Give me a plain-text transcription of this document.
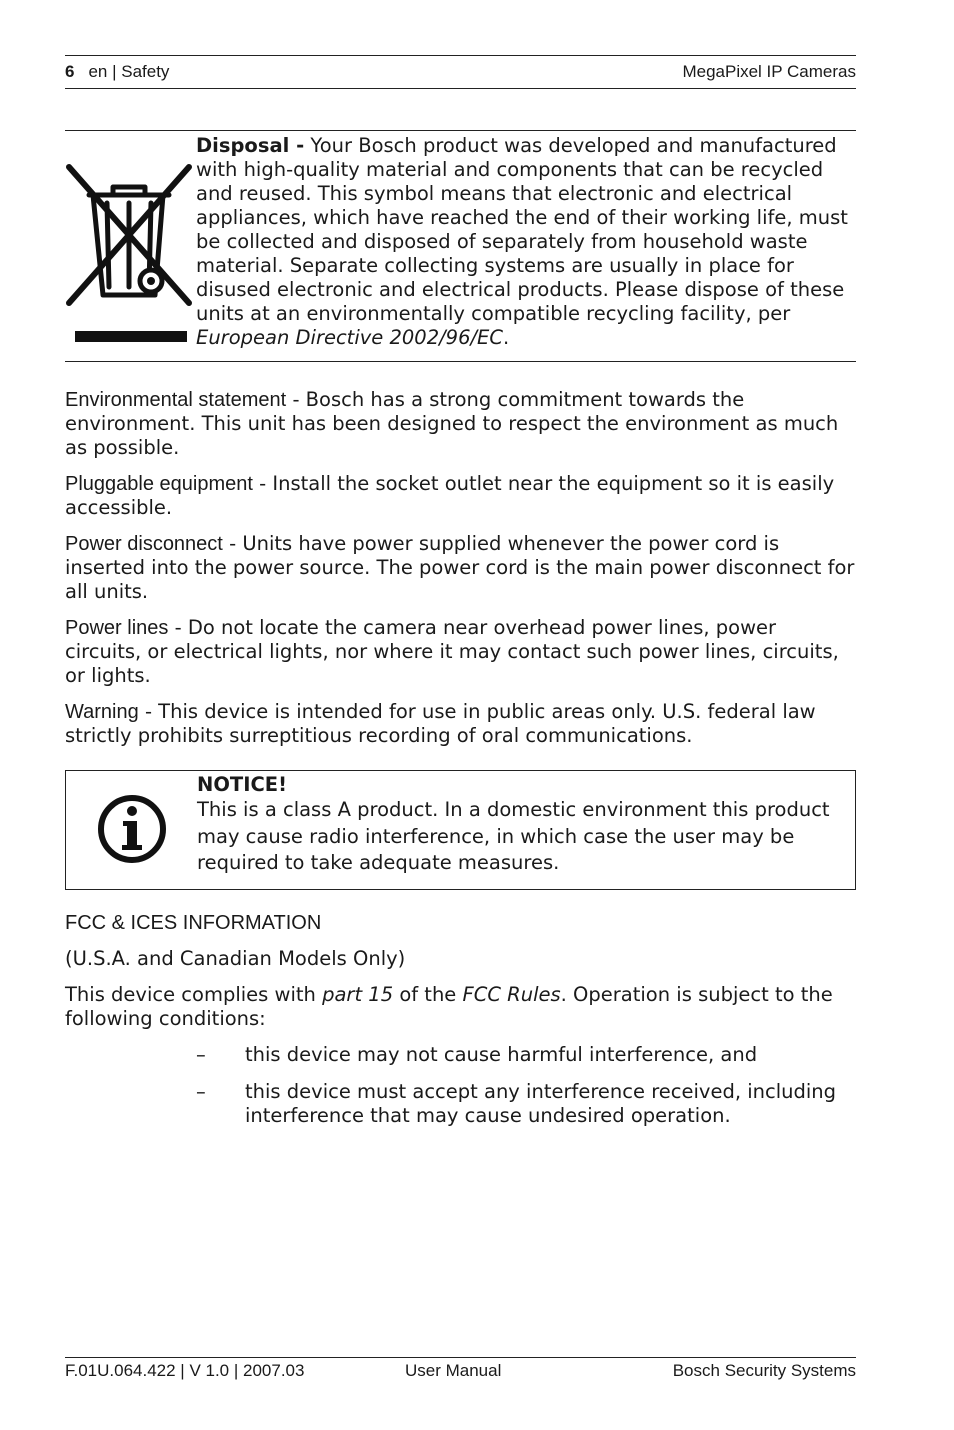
6 en | Safety	MegaPixel IP Cameras
Disposal - Your Bosch product was developed and manufactured with high-quality material and components that can be recycled and reused. This symbol means that electronic and electrical appliances, which have reached the end of their working life, must be collected and disposed of separately from household waste material. Separate collecting systems are usually in place for disused electronic and electrical products. Please dispose of these units at an environmentally compatible recycling facility, per European Directive 2002/96/EC.
Environmental statement - Bosch has a strong commitment towards the environment. This unit has been designed to respect the environment as much as possible.
Pluggable equipment - Install the socket outlet near the equipment so it is easily accessible.
Power disconnect - Units have power supplied whenever the power cord is inserted into the power source. The power cord is the main power disconnect for all units.
Power lines - Do not locate the camera near overhead power lines, power circuits, or electrical lights, nor where it may contact such power lines, circuits, or lights.
Warning - This device is intended for use in public areas only. U.S. federal law strictly prohibits surreptitious recording of oral communications.
NOTICE!
This is a class A product. In a domestic environment this product may cause radio interference, in which case the user may be required to take adequate measures.
FCC & ICES INFORMATION
(U.S.A. and Canadian Models Only)
This device complies with part 15 of the FCC Rules. Operation is subject to the following conditions:
– this device may not cause harmful interference, and
– this device must accept any interference received, including interference that may cause undesired operation.
F.01U.064.422 | V 1.0 | 2007.03	User Manual	Bosch Security Systems
